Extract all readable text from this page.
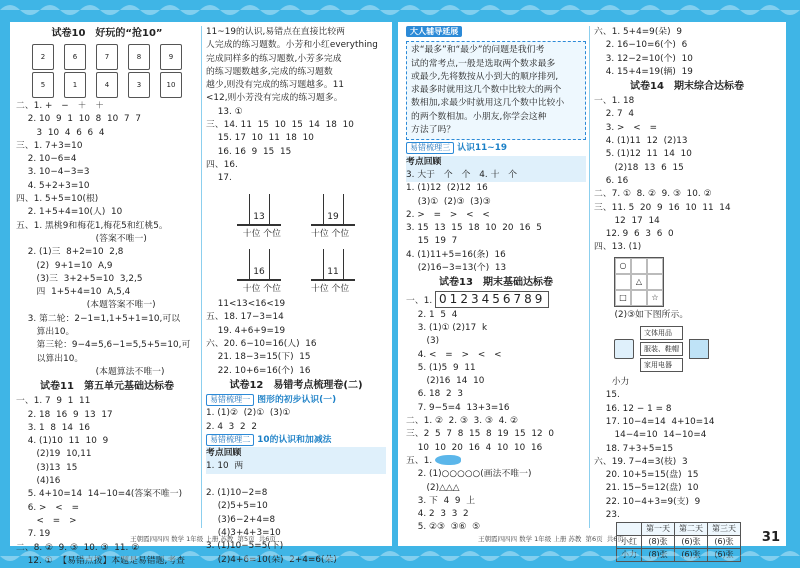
试卷10　好玩的“抢10”
2	6	7	8	9
5	1	4	3	10
二、1. +　−　＋　＋
　 2. 10  9  1  10  8  10  7  7
　　 3  10  4  6  6  4
三、1. 7+3=10
　 2. 10−6=4
　 3. 10−4−3=3
　 4. 5+2+3=10
四、1. 5+5=10(根)
　 2. 1+5+4=10(人)  10
五、1. 黑桃9和梅花1,梅花5和红桃5。
　　　　　　　　　(答案不唯一)
　 2. (1)三  8+2=10  2,8
　　 (2)  9+1=10  A,9
　　 (3)三  3+2+5=10  3,2,5
　　 四  1+5+4=10  A,5,4
　　　　　　　　(本题答案不唯一)
　 3. 第二轮：2−1=1,1+5+1=10,可以
　　 算出10。
　　 第三轮：9−4=5,6−1=5,5+5=10,可
　　 以算出10。
　　　　　　　　　(本题算法不唯一)
试卷11　第五单元基础达标卷
一、1. 7  9  1  11
　 2. 18  16  9  13  17
　 3. 1  8  14  16
　 4. (1)10  11  10  9
　　 (2)19  10,11
　　 (3)13  15
　　 (4)16
　 5. 4+10=14  14−10=4(答案不唯一)
　 6. >　<　=
　　 <　=　>
　 7. 19
二、8. ②  9. ③  10. ③  11. ②
　 12. ①  【易错点拨】本题是易错题,考查
11~19的认识,易错点在直接比较两
人完成的练习题数。小芳和小红everything
完成同样多的练习题数,小芳多完成
的练习题数越多,完成的练习题数
越少,则没有完成的练习题越多。11
<12,则小芳没有完成的练习题多。
　 13. ①
三、14. 11  15  10  15  14  18  10
　 15. 17  10  11  18  10
　 16. 16  9  15  15
四、16.
　 17.
13	19
十位 个位	十位 个位
16	11
十位 个位	十位 个位
　 11<13<16<19
五、18. 17−3=14
　 19. 4+6+9=19
六、20. 6−10=16(人)  16
　 21. 18−3=15(下)  15
　 22. 10+6=16(个)  16
试卷12　易错考点梳理卷(二)
易错梳理一 图形的初步认识(一)
1. (1)②  (2)①  (3)①
2. 4  3  2  2
易错梳理二 10的认识和加减法
考点回顾
1. 10  两

2. (1)10−2=8
　 (2)5+5=10
　 (3)6−2+4=8
　 (4)3+4+3=10
3. (1)10−5=5(下)
　 (2)4+6=10(朵)  2+4=6(朵)
王朝霞四四四 数学 1年级 上册 苏教  第5页  共6页
大人辅导延展
求“最多”和“最少”的问题是我们考
试的常考点,一般是选取两个数求最多
或最少,先将数按从小到大的顺序排列,
求最多时就用这几个数中比较大的两个
数相加,求最少时就用这几个数中比较小
的两个数相加。小朋友,你学会这种
方法了吗？
易错梳理三 认识11~19
考点回顾
3. 大于　个　个　4. 十　个
1. (1)12  (2)12  16
　 (3)①  (2)③  (3)③
2. >　=　>　<　<
3. 15  13  15  18  10  20  16  5
　 15  19  7
4. (1)11+5=16(条)  16
　 (2)16−3=13(个)  13
试卷13　期末基础达标卷
一、1. 0123456789
　 2. 1  5  4
　 3. (1)① (2)17  k
　　 (3)
　 4. <　=　>　<　<
　 5. (1)5  9  11
　　 (2)16  14  10
　 6. 18  2  3
　 7. 9−5=4  13+3=16
二、1. ②  2. ③  3. ③  4. ②
三、2  5  7  8  15  8  19  15  12  0
　 10  10  20  16  4  10  10  16
五、1.
　 2. (1)○○○○○(画法不唯一)
　　 (2)△△△
　 3. 下  4  9  上
　 4. 2  3  3  2
　 5. ②③  ③⑥  ⑤
六、1. 5+4=9(朵)  9
　 2. 16−10=6(个)  6
　 3. 12−2=10(个)  10
　 4. 15+4=19(辆)  19
试卷14　期末综合达标卷
一、1. 18
　 2. 7  4
　 3. >　<　=
　 4. (1)11  12  (2)13
　 5. (1)12  11  14  10
　　 (2)18  13  6  15
　 6. 16
二、7. ①  8. ②  9. ③  10. ②
三、11. 5  20  9  16  10  11  14
　　 12  17  14
　 12. 9  6  3  6  0
四、13. (1)
○
△
□	☆
　　 (2)③如下图所示。
文体用品
服装、鞋帽
家用电器
　　小力
　 15.
　 16. 12 − 1 = 8
　 17. 10−4=14  4+10=14
　　 14−4=10  14−10=4
　 18. 7+3+5=15
六、19. 7−4=3(枝)  3
　 20. 10+5=15(盘)  15
　 21. 15−5=12(盘)  10
　 22. 10−4+3=9(支)  9
　 23.
	第一天	第二天	第三天
小红	(8)张	(6)张	(6)张
小力	(8)张	(6)张	(6)张
王朝霞四四四 数学 1年级 上册 苏教  第6页  共6页	31
